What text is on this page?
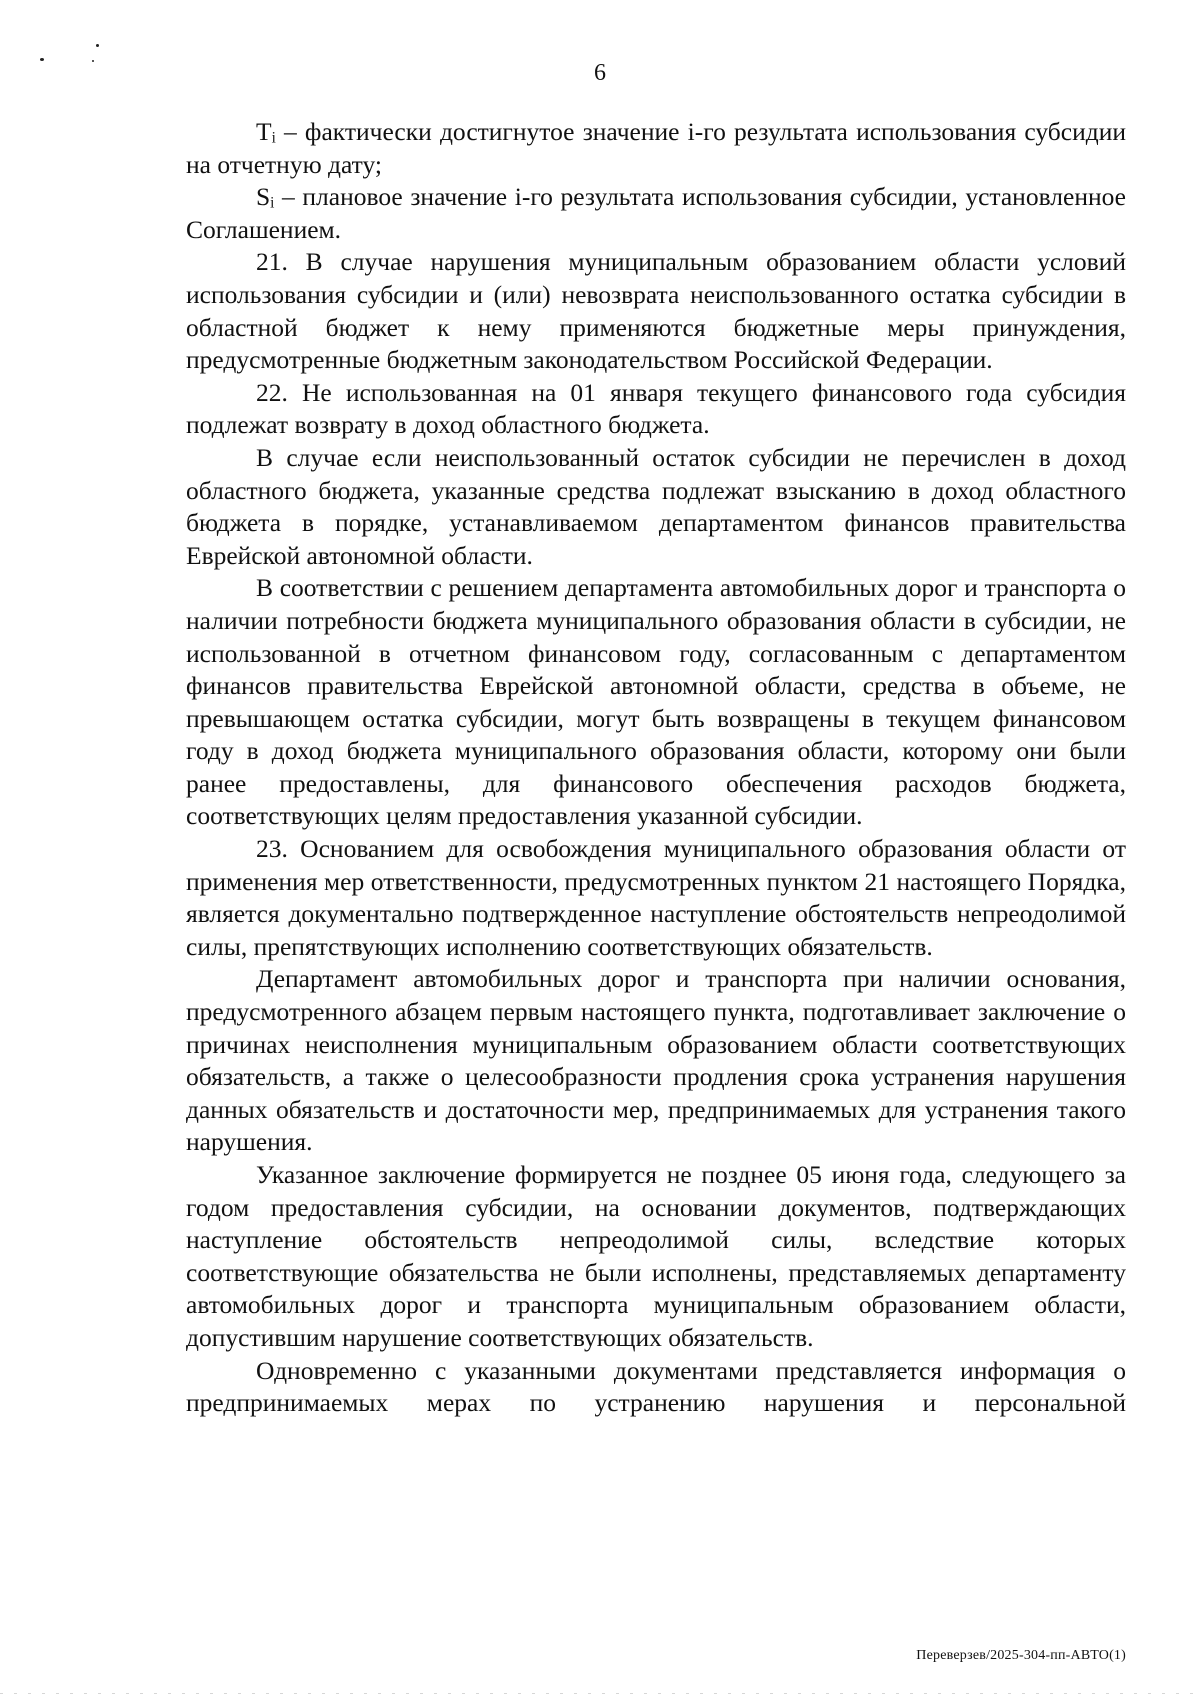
6

Tᵢ – фактически достигнутое значение і-го результата использования субсидии на отчетную дату;

Sᵢ – плановое значение і-го результата использования субсидии, установленное Соглашением.

21. В случае нарушения муниципальным образованием области условий использования субсидии и (или) невозврата неиспользованного остатка субсидии в областной бюджет к нему применяются бюджетные меры принуждения, предусмотренные бюджетным законодательством Российской Федерации.

22. Не использованная на 01 января текущего финансового года субсидия подлежат возврату в доход областного бюджета.

В случае если неиспользованный остаток субсидии не перечислен в доход областного бюджета, указанные средства подлежат взысканию в доход областного бюджета в порядке, устанавливаемом департаментом финансов правительства Еврейской автономной области.

В соответствии с решением департамента автомобильных дорог и транспорта о наличии потребности бюджета муниципального образования области в субсидии, не использованной в отчетном финансовом году, согласованным с департаментом финансов правительства Еврейской автономной области, средства в объеме, не превышающем остатка субсидии, могут быть возвращены в текущем финансовом году в доход бюджета муниципального образования области, которому они были ранее предоставлены, для финансового обеспечения расходов бюджета, соответствующих целям предоставления указанной субсидии.

23. Основанием для освобождения муниципального образования области от применения мер ответственности, предусмотренных пунктом 21 настоящего Порядка, является документально подтвержденное наступление обстоятельств непреодолимой силы, препятствующих исполнению соответствующих обязательств.

Департамент автомобильных дорог и транспорта при наличии основания, предусмотренного абзацем первым настоящего пункта, подготавливает заключение о причинах неисполнения муниципальным образованием области соответствующих обязательств, а также о целесообразности продления срока устранения нарушения данных обязательств и достаточности мер, предпринимаемых для устранения такого нарушения.

Указанное заключение формируется не позднее 05 июня года, следующего за годом предоставления субсидии, на основании документов, подтверждающих наступление обстоятельств непреодолимой силы, вследствие которых соответствующие обязательства не были исполнены, представляемых департаменту автомобильных дорог и транспорта муниципальным образованием области, допустившим нарушение соответствующих обязательств.

Одновременно с указанными документами представляется информация о предпринимаемых мерах по устранению нарушения и персональной

Переверзев/2025-304-пп-АВТО(1)
